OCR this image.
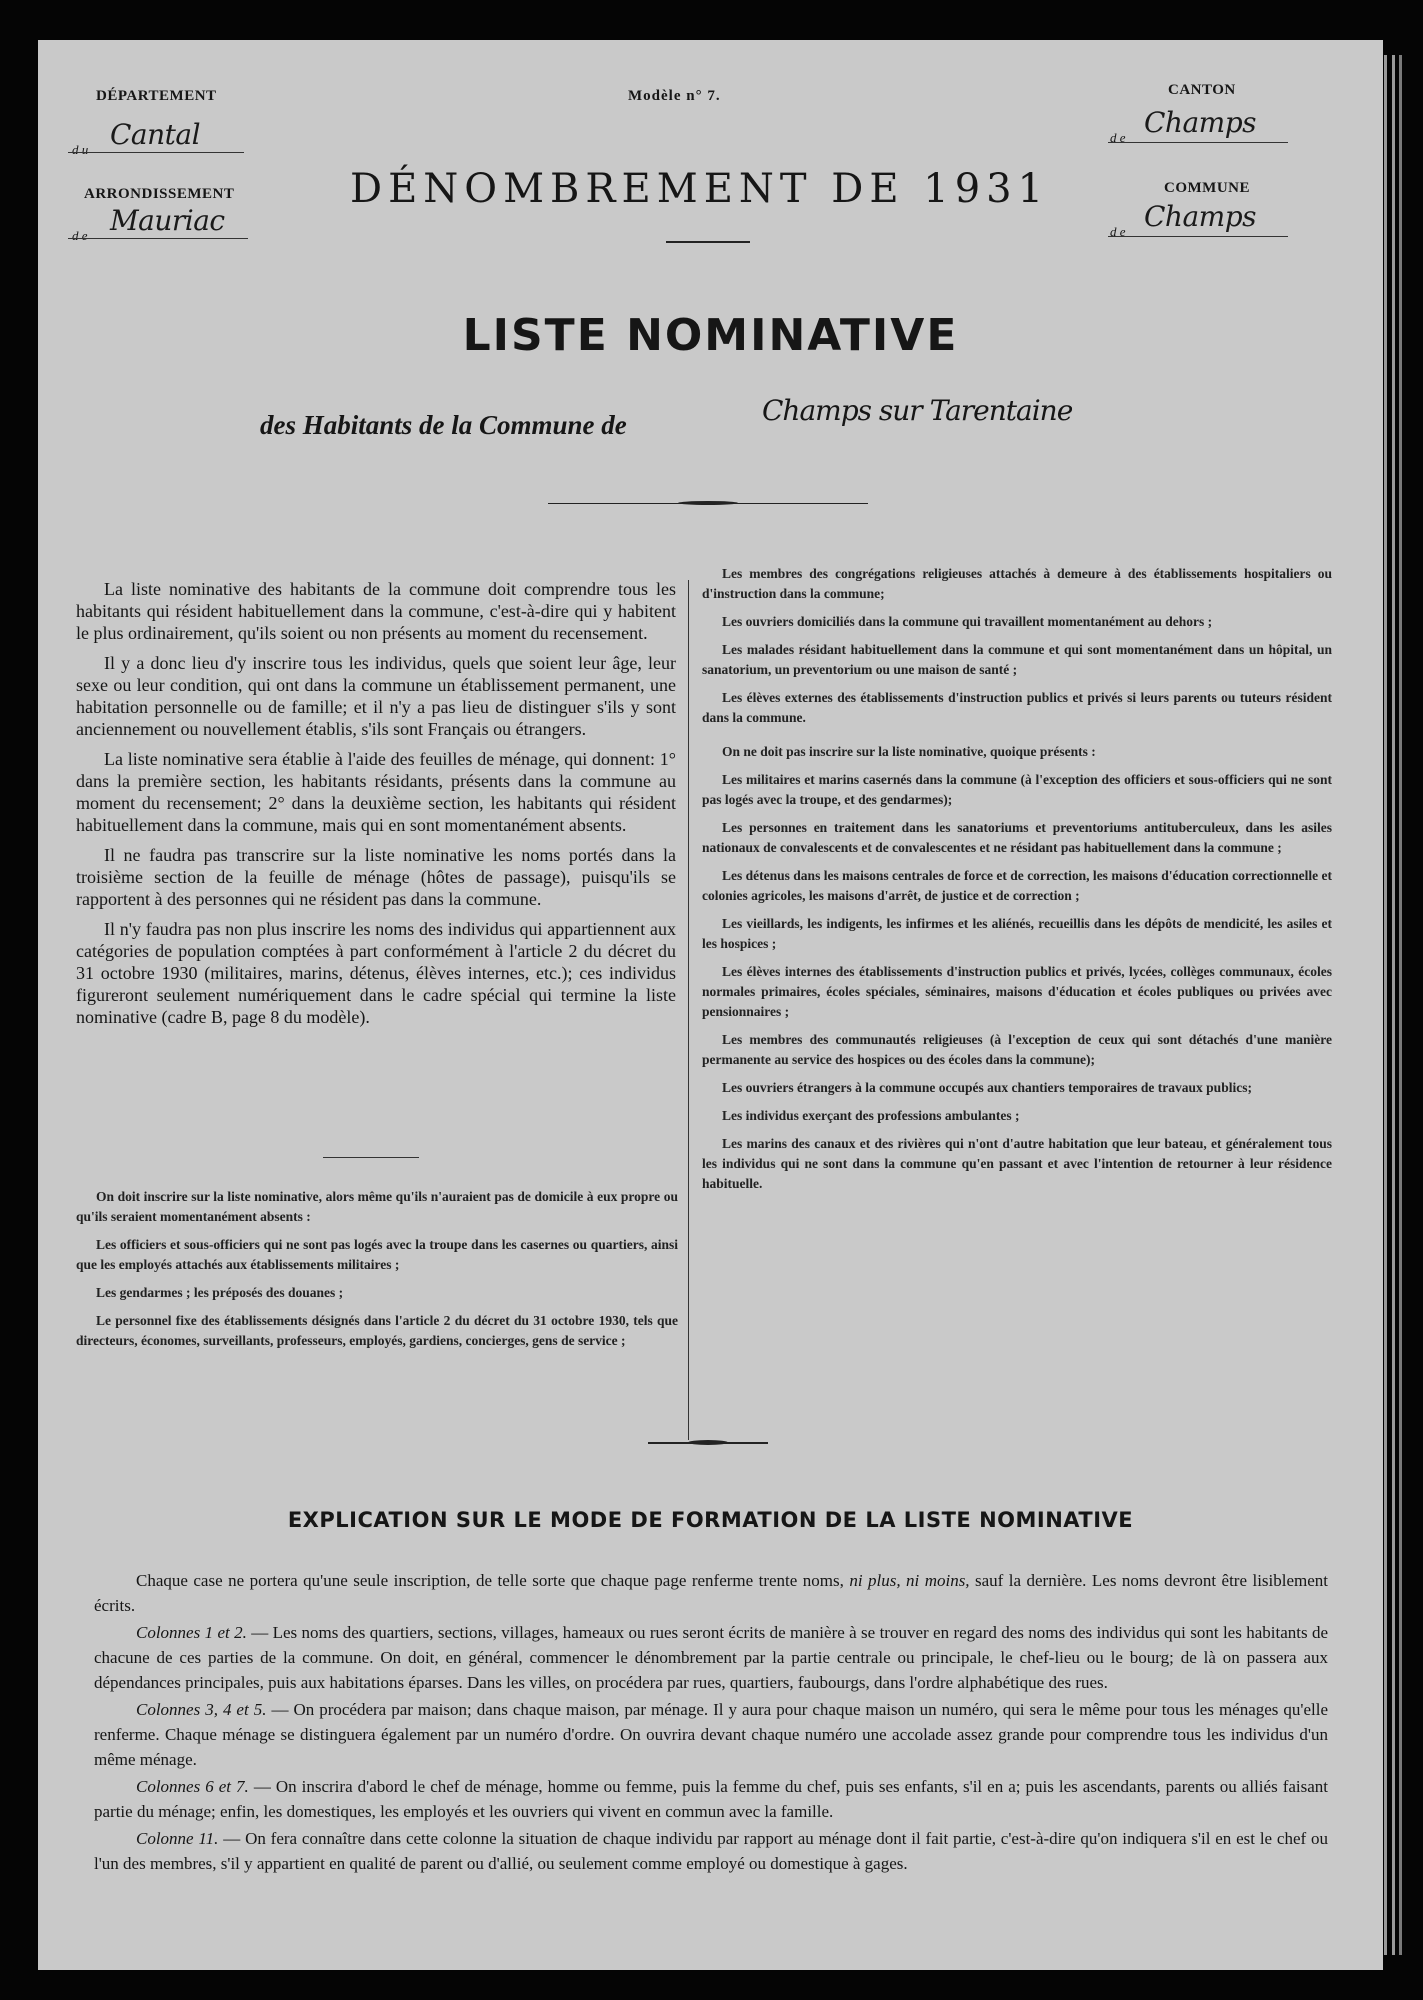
DÉPARTEMENT
d u Cantal
ARRONDISSEMENT
d e Mauriac
Modèle n° 7.
DÉNOMBREMENT DE 1931
CANTON
d e Champs
COMMUNE
d e Champs
LISTE NOMINATIVE
des Habitants de la Commune de	Champs sur Tarentaine

La liste nominative des habitants de la commune doit comprendre tous les habitants qui résident habituellement dans la commune, c'est-à-dire qui y habitent le plus ordinairement, qu'ils soient ou non présents au moment du recensement.

Il y a donc lieu d'y inscrire tous les individus, quels que soient leur âge, leur sexe ou leur condition, qui ont dans la commune un établissement permanent, une habitation personnelle ou de famille; et il n'y a pas lieu de distinguer s'ils y sont anciennement ou nouvellement établis, s'ils sont Français ou étrangers.

La liste nominative sera établie à l'aide des feuilles de ménage, qui donnent: 1° dans la première section, les habitants résidants, présents dans la commune au moment du recensement; 2° dans la deuxième section, les habitants qui résident habituellement dans la commune, mais qui en sont momentanément absents.

Il ne faudra pas transcrire sur la liste nominative les noms portés dans la troisième section de la feuille de ménage (hôtes de passage), puisqu'ils se rapportent à des personnes qui ne résident pas dans la commune.

Il n'y faudra pas non plus inscrire les noms des individus qui appartiennent aux catégories de population comptées à part conformément à l'article 2 du décret du 31 octobre 1930 (militaires, marins, détenus, élèves internes, etc.); ces individus figureront seulement numériquement dans le cadre spécial qui termine la liste nominative (cadre B, page 8 du modèle).

On doit inscrire sur la liste nominative, alors même qu'ils n'auraient pas de domicile à eux propre ou qu'ils seraient momentanément absents :

Les officiers et sous-officiers qui ne sont pas logés avec la troupe dans les casernes ou quartiers, ainsi que les employés attachés aux établissements militaires ;

Les gendarmes ; les préposés des douanes ;

Le personnel fixe des établissements désignés dans l'article 2 du décret du 31 octobre 1930, tels que directeurs, économes, surveillants, professeurs, employés, gardiens, concierges, gens de service ;

Les membres des congrégations religieuses attachés à demeure à des établissements hospitaliers ou d'instruction dans la commune;

Les ouvriers domiciliés dans la commune qui travaillent momentanément au dehors ;

Les malades résidant habituellement dans la commune et qui sont momentanément dans un hôpital, un sanatorium, un preventorium ou une maison de santé ;

Les élèves externes des établissements d'instruction publics et privés si leurs parents ou tuteurs résident dans la commune.

On ne doit pas inscrire sur la liste nominative, quoique présents :

Les militaires et marins casernés dans la commune (à l'exception des officiers et sous-officiers qui ne sont pas logés avec la troupe, et des gendarmes);

Les personnes en traitement dans les sanatoriums et preventoriums antituberculeux, dans les asiles nationaux de convalescents et de convalescentes et ne résidant pas habituellement dans la commune ;

Les détenus dans les maisons centrales de force et de correction, les maisons d'éducation correctionnelle et colonies agricoles, les maisons d'arrêt, de justice et de correction ;

Les vieillards, les indigents, les infirmes et les aliénés, recueillis dans les dépôts de mendicité, les asiles et les hospices ;

Les élèves internes des établissements d'instruction publics et privés, lycées, collèges communaux, écoles normales primaires, écoles spéciales, séminaires, maisons d'éducation et écoles publiques ou privées avec pensionnaires ;

Les membres des communautés religieuses (à l'exception de ceux qui sont détachés d'une manière permanente au service des hospices ou des écoles dans la commune);

Les ouvriers étrangers à la commune occupés aux chantiers temporaires de travaux publics;

Les individus exerçant des professions ambulantes ;

Les marins des canaux et des rivières qui n'ont d'autre habitation que leur bateau, et généralement tous les individus qui ne sont dans la commune qu'en passant et avec l'intention de retourner à leur résidence habituelle.

EXPLICATION SUR LE MODE DE FORMATION DE LA LISTE NOMINATIVE

Chaque case ne portera qu'une seule inscription, de telle sorte que chaque page renferme trente noms, ni plus, ni moins, sauf la dernière. Les noms devront être lisiblement écrits.

Colonnes 1 et 2. — Les noms des quartiers, sections, villages, hameaux ou rues seront écrits de manière à se trouver en regard des noms des individus qui sont les habitants de chacune de ces parties de la commune. On doit, en général, commencer le dénombrement par la partie centrale ou principale, le chef-lieu ou le bourg; de là on passera aux dépendances principales, puis aux habitations éparses. Dans les villes, on procédera par rues, quartiers, faubourgs, dans l'ordre alphabétique des rues.

Colonnes 3, 4 et 5. — On procédera par maison; dans chaque maison, par ménage. Il y aura pour chaque maison un numéro, qui sera le même pour tous les ménages qu'elle renferme. Chaque ménage se distinguera également par un numéro d'ordre. On ouvrira devant chaque numéro une accolade assez grande pour comprendre tous les individus d'un même ménage.

Colonnes 6 et 7. — On inscrira d'abord le chef de ménage, homme ou femme, puis la femme du chef, puis ses enfants, s'il en a; puis les ascendants, parents ou alliés faisant partie du ménage; enfin, les domestiques, les employés et les ouvriers qui vivent en commun avec la famille.

Colonne 11. — On fera connaître dans cette colonne la situation de chaque individu par rapport au ménage dont il fait partie, c'est-à-dire qu'on indiquera s'il en est le chef ou l'un des membres, s'il y appartient en qualité de parent ou d'allié, ou seulement comme employé ou domestique à gages.
